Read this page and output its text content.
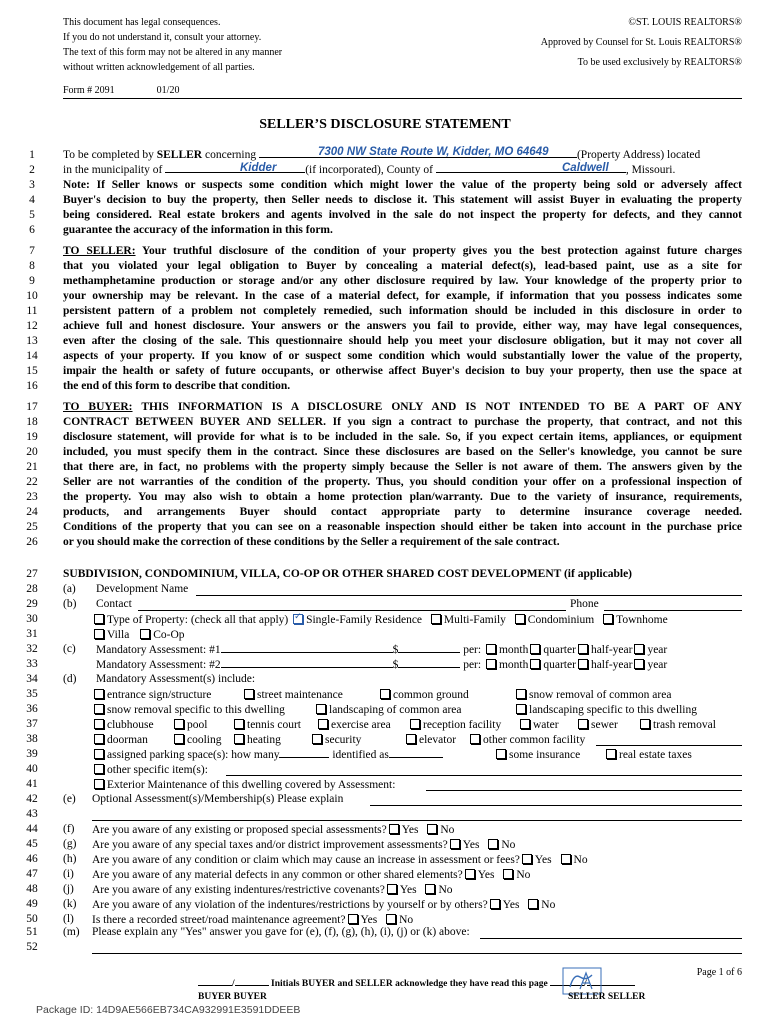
This document has legal consequences.
If you do not understand it, consult your attorney.
The text of this form may not be altered in any manner
without written acknowledgement of all parties.
©ST. LOUIS REALTORS®
Approved by Counsel for St. Louis REALTORS®
To be used exclusively by REALTORS®
Form # 2091	01/20
SELLER’S DISCLOSURE STATEMENT
1
2
3
4
5
6
7
8
9
10
11
12
13
14
15
16
17
18
19
20
21
22
23
24
25
26
27
28
29
30
31
32
33
34
35
36
37
38
39
40
41
42
43
44
45
46
47
48
49
50
51
52
To be completed by SELLER concerning	(Property Address) located
7300 NW State Route W, Kidder, MO 64649
in the municipality of	(if incorporated), County of	, Missouri.
Kidder	Caldwell
Note: If Seller knows or suspects some condition which might lower the value of the property being sold or adversely affect
Buyer's decision to buy the property, then Seller needs to disclose it. This statement will assist Buyer in evaluating the property
being considered. Real estate brokers and agents involved in the sale do not inspect the property for defects, and they cannot
guarantee the accuracy of the information in this form.
TO SELLER: Your truthful disclosure of the condition of your property gives you the best protection against future charges
that you violated your legal obligation to Buyer by concealing a material defect(s), lead-based paint, use as a site for
methamphetamine production or storage and/or any other disclosure required by law. Your knowledge of the property prior to
your ownership may be relevant. In the case of a material defect, for example, if information that you possess indicates some
persistent pattern of a problem not completely remedied, such information should be included in this disclosure in order to
achieve full and honest disclosure. Your answers or the answers you fail to provide, either way, may have legal consequences,
even after the closing of the sale. This questionnaire should help you meet your disclosure obligation, but it may not cover all
aspects of your property. If you know of or suspect some condition which would substantially lower the value of the property,
impair the health or safety of future occupants, or otherwise affect Buyer's decision to buy your property, then use the space at
the end of this form to describe that condition.
TO BUYER: THIS INFORMATION IS A DISCLOSURE ONLY AND IS NOT INTENDED TO BE A PART OF ANY
CONTRACT BETWEEN BUYER AND SELLER. If you sign a contract to purchase the property, that contract, and not this
disclosure statement, will provide for what is to be included in the sale. So, if you expect certain items, appliances, or equipment
included, you must specify them in the contract. Since these disclosures are based on the Seller's knowledge, you cannot be sure
that there are, in fact, no problems with the property simply because the Seller is not aware of them. The answers given by the
Seller are not warranties of the condition of the property. Thus, you should condition your offer on a professional inspection of
the property. You may also wish to obtain a home protection plan/warranty. Due to the variety of insurance, requirements,
products, and arrangements Buyer should contact appropriate party to determine insurance coverage needed.
Conditions of the property that you can see on a reasonable inspection should either be taken into account in the purchase price
or you should make the correction of these conditions by the Seller a requirement of the sale contract.
SUBDIVISION, CONDOMINIUM, VILLA, CO-OP OR OTHER SHARED COST DEVELOPMENT (if applicable)
(a)	Development Name
(b)	Contact	Phone
Type of Property: (check all that apply) ✓ Single-Family Residence Multi-Family Condominium Townhome
Villa Co-Op
(c)	Mandatory Assessment: #1	$	per: month quarter half-year year
Mandatory Assessment: #2	$	per: month quarter half-year year
(d)	Mandatory Assessment(s) include:
entrance sign/structure	street maintenance	common ground	snow removal of common area
snow removal specific to this dwelling	landscaping of common area	landscaping specific to this dwelling
clubhouse	pool	tennis court	exercise area	reception facility	water	sewer	trash removal
doorman	cooling	heating	security	elevator	other common facility
assigned parking space(s): how many	identified as	some insurance	real estate taxes
other specific item(s):
Exterior Maintenance of this dwelling covered by Assessment:
(e)	Optional Assessment(s)/Membership(s) Please explain
(f)	Are you aware of any existing or proposed special assessments? Yes No
(g)	Are you aware of any special taxes and/or district improvement assessments? Yes No
(h)	Are you aware of any condition or claim which may cause an increase in assessment or fees? Yes No
(i)	Are you aware of any material defects in any common or other shared elements? Yes No
(j)	Are you aware of any existing indentures/restrictive covenants? Yes No
(k)	Are you aware of any violation of the indentures/restrictions by yourself or by others? Yes No
(l)	Is there a recorded street/road maintenance agreement? Yes No
(m)	Please explain any "Yes" answer you gave for (e), (f), (g), (h), (i), (j) or (k) above:
Page 1 of 6
/	Initials BUYER and SELLER acknowledge they have read this page	/
BUYER BUYER	SELLER SELLER
Package ID: 14D9AE566EB734CA932991E3591DDEEB
